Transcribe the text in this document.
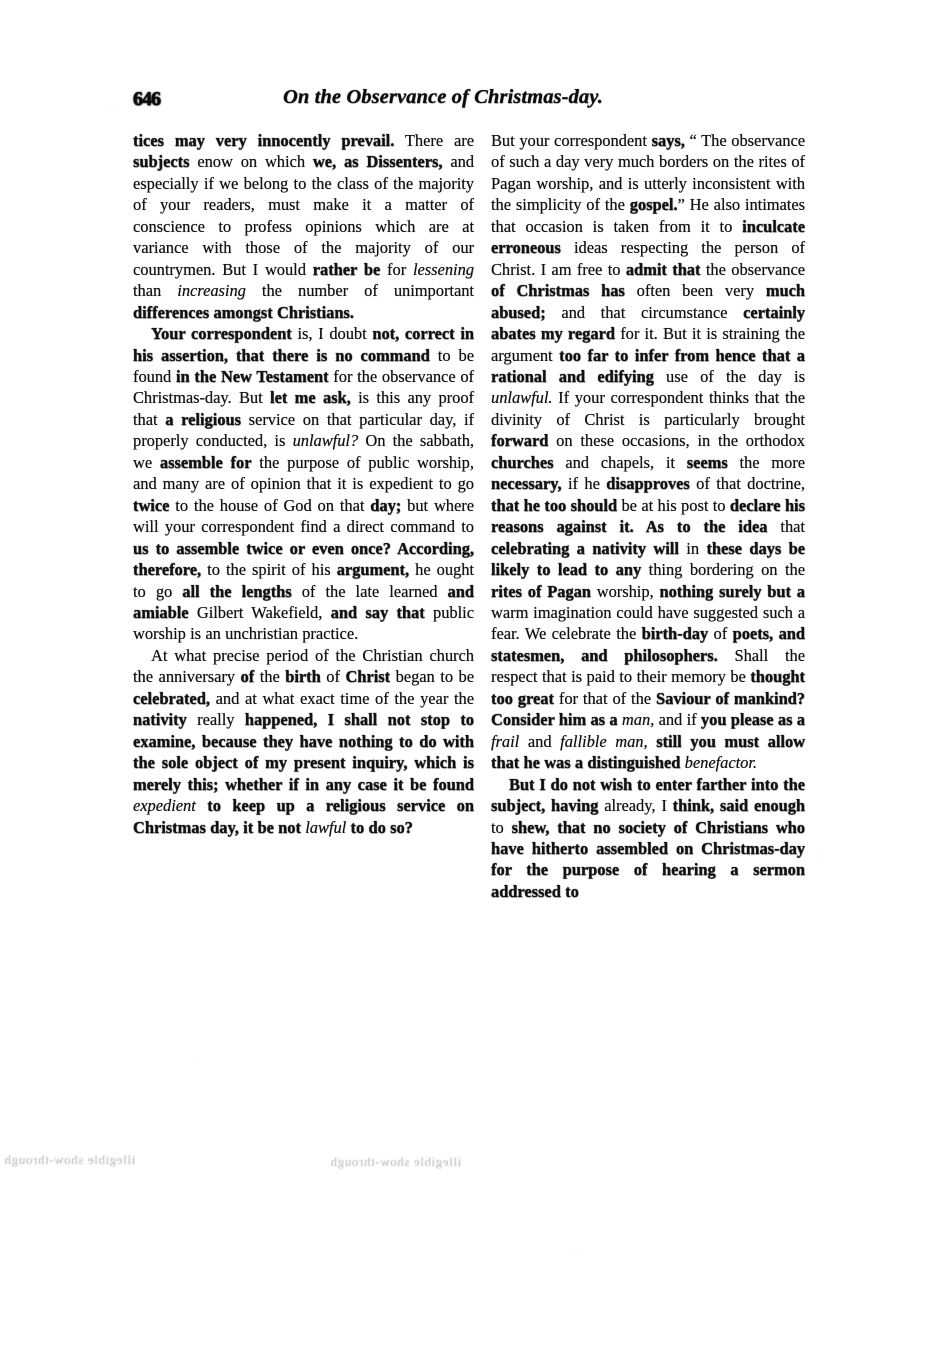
646	On the Observance of Christmas-day.

tices may very innocently prevail. There are subjects enow on which we, as Dissenters, and especially if we belong to the class of the majority of your readers, must make it a matter of conscience to profess opinions which are at variance with those of the majority of our countrymen. But I would rather be for lessening than increasing the number of unimportant differences amongst Christians.

Your correspondent is, I doubt not, correct in his assertion, that there is no command to be found in the New Testament for the observance of Christmas-day. But let me ask, is this any proof that a religious service on that particular day, if properly conducted, is unlawful? On the sabbath, we assemble for the purpose of public worship, and many are of opinion that it is expedient to go twice to the house of God on that day; but where will your correspondent find a direct command to us to assemble twice or even once? According, therefore, to the spirit of his argument, he ought to go all the lengths of the late learned and amiable Gilbert Wakefield, and say that public worship is an unchristian practice.

At what precise period of the Christian church the anniversary of the birth of Christ began to be celebrated, and at what exact time of the year the nativity really happened, I shall not stop to examine, because they have nothing to do with the sole object of my present inquiry, which is merely this; whether if in any case it be found expedient to keep up a religious service on Christmas day, it be not lawful to do so?

But your correspondent says, “ The observance of such a day very much borders on the rites of Pagan worship, and is utterly inconsistent with the simplicity of the gospel.” He also intimates that occasion is taken from it to inculcate erroneous ideas respecting the person of Christ. I am free to admit that the observance of Christmas has often been very much abused; and that circumstance certainly abates my regard for it. But it is straining the argument too far to infer from hence that a rational and edifying use of the day is unlawful. If your correspondent thinks that the divinity of Christ is particularly brought forward on these occasions, in the orthodox churches and chapels, it seems the more necessary, if he disapproves of that doctrine, that he too should be at his post to declare his reasons against it. As to the idea that celebrating a nativity will in these days be likely to lead to any thing bordering on the rites of Pagan worship, nothing surely but a warm imagination could have suggested such a fear. We celebrate the birth-day of poets, and statesmen, and philosophers. Shall the respect that is paid to their memory be thought too great for that of the Saviour of mankind? Consider him as a man, and if you please as a frail and fallible man, still you must allow that he was a distinguished benefactor.

But I do not wish to enter farther into the subject, having already, I think, said enough to shew, that no society of Christians who have hitherto assembled on Christmas-day for the purpose of hearing a sermon addressed to

illegible show-through	illegible show-through
